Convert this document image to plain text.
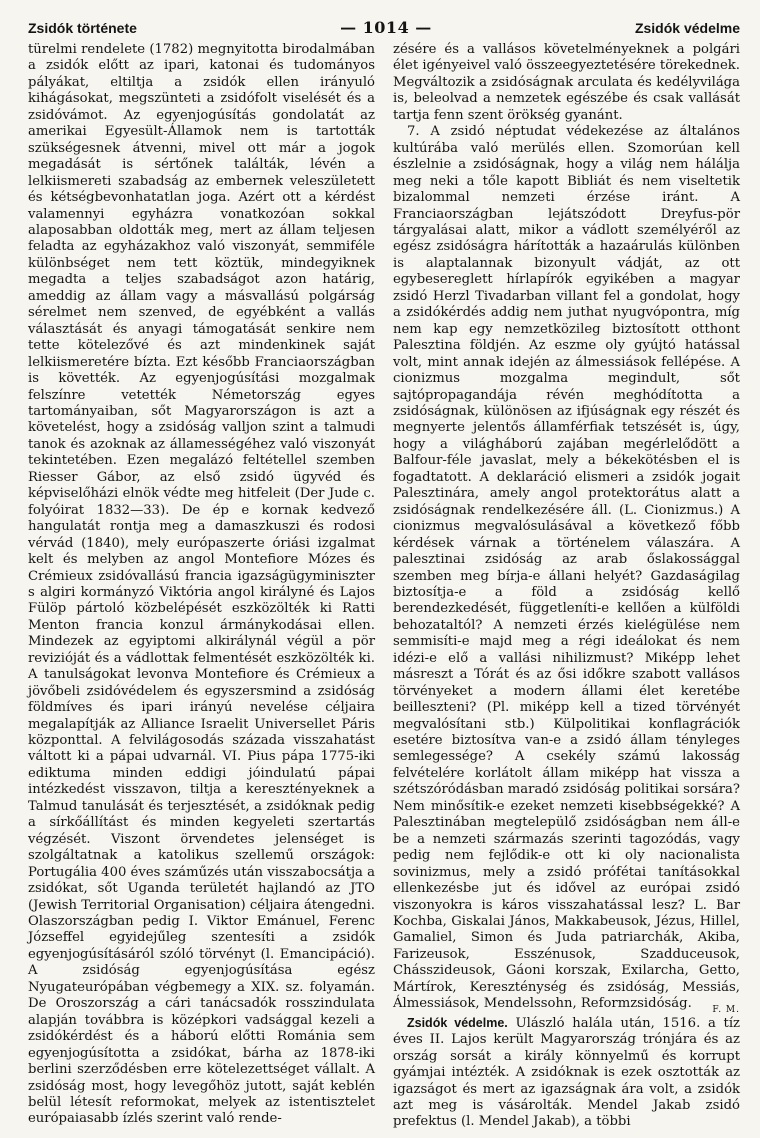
Zsidók története	— 1014 —	Zsidók védelme

türelmi rendelete (1782) megnyitotta birodalmában a zsidók előtt az ipari, katonai és tudományos pályákat, eltiltja a zsidók ellen irányuló kihágásokat, megszünteti a zsidófolt viselését és a zsidóvámot. Az egyenjogúsítás gondolatát az amerikai Egyesült-Államok nem is tartották szükségesnek átvenni, mivel ott már a jogok megadását is sértőnek találták, lévén a lelkiismereti szabadság az embernek veleszületett és kétségbevonhatatlan joga. Azért ott a kérdést valamennyi egyházra vonatkozóan sokkal alaposabban oldották meg, mert az állam teljesen feladta az egyházakhoz való viszonyát, semmiféle különbséget nem tett köztük, mindegyiknek megadta a teljes szabadságot azon határig, ameddig az állam vagy a másvallású polgárság sérelmet nem szenved, de egyébként a vallás választását és anyagi támogatását senkire nem tette kötelezővé és azt mindenkinek saját lelkiismeretére bízta. Ezt később Franciaországban is követték. Az egyenjogúsítási mozgalmak felszínre vetették Németország egyes tartományaiban, sőt Magyarországon is azt a követelést, hogy a zsidóság valljon szint a talmudi tanok és azoknak az államességéhez való viszonyát tekintetében. Ezen megalázó feltétellel szemben Riesser Gábor, az első zsidó ügyvéd és képviselőházi elnök védte meg hitfeleit (Der Jude c. folyóirat 1832—33). De ép e kornak kedvező hangulatát rontja meg a damaszkuszi és rodosi vérvád (1840), mely európaszerte óriási izgalmat kelt és melyben az angol Montefiore Mózes és Crémieux zsidóvallású francia igazságügyminiszter s algiri kormányzó Viktória angol királyné és Lajos Fülöp pártoló közbelépését eszközölték ki Ratti Menton francia konzul ármánykodásai ellen. Mindezek az egyiptomi alkirálynál végül a pör revizióját és a vádlottak felmentését eszközölték ki. A tanulságokat levonva Montefiore és Crémieux a jövőbeli zsidóvédelem és egyszersmind a zsidóság földmíves és ipari irányú nevelése céljaira megalapítják az Alliance Israelit Universellet Páris központtal. A felvilágosodás százada visszahatást váltott ki a pápai udvarnál. VI. Pius pápa 1775-iki ediktuma minden eddigi jóindulatú pápai intézkedést visszavon, tiltja a keresztényeknek a Talmud tanulását és terjesztését, a zsidóknak pedig a sírkőállítást és minden kegyeleti szertartás végzését. Viszont örvendetes jelenséget is szolgáltatnak a katolikus szellemű országok: Portugália 400 éves száműzés után visszabocsátja a zsidókat, sőt Uganda területét hajlandó az JTO (Jewish Territorial Organisation) céljaira átengedni. Olaszországban pedig I. Viktor Emánuel, Ferenc Józseffel egyidejűleg szentesíti a zsidók egyenjogúsításáról szóló törvényt (l. Emancipáció). A zsidóság egyenjogúsítása egész Nyugateurópában végbemegy a XIX. sz. folyamán. De Oroszország a cári tanácsadók rosszindulata alapján továbbra is középkori vadsággal kezeli a zsidókérdést és a háború előtti Románia sem egyenjogúsította a zsidókat, bárha az 1878-iki berlini szerződésben erre kötelezettséget vállalt. A zsidóság most, hogy levegőhöz jutott, saját keblén belül létesít reformokat, melyek az istentisztelet európaiasabb ízlés szerint való rende-

zésére és a vallásos követelményeknek a polgári élet igényeivel való összeegyeztetésére törekednek. Megváltozik a zsidóságnak arculata és kedélyvilága is, beleolvad a nemzetek egészébe és csak vallását tartja fenn szent örökség gyanánt.

7. A zsidó néptudat védekezése az általános kultúrába való merülés ellen. Szomorúan kell észlelnie a zsidóságnak, hogy a világ nem hálálja meg neki a tőle kapott Bibliát és nem viseltetik bizalommal nemzeti érzése iránt. A Franciaországban lejátszódott Dreyfus-pör tárgyalásai alatt, mikor a vádlott személyéről az egész zsidóságra hárították a hazaárulás különben is alaptalannak bizonyult vádját, az ott egybesereglett hírlapírók egyikében a magyar zsidó Herzl Tivadarban villant fel a gondolat, hogy a zsidókérdés addig nem juthat nyugvópontra, míg nem kap egy nemzetközileg biztosított otthont Palesztina földjén. Az eszme oly gyújtó hatással volt, mint annak idején az álmessiások fellépése. A cionizmus mozgalma megindult, sőt sajtópropagandája révén meghódította a zsidóságnak, különösen az ifjúságnak egy részét és megnyerte jelentős államférfiak tetszését is, úgy, hogy a világháború zajában megérlelődött a Balfour-féle javaslat, mely a békekötésben el is fogadtatott. A deklaráció elismeri a zsidók jogait Palesztinára, amely angol protektorátus alatt a zsidóságnak rendelkezésére áll. (L. Cionizmus.) A cionizmus megvalósulásával a következő főbb kérdések várnak a történelem válaszára. A palesztinai zsidóság az arab őslakossággal szemben meg bírja-e állani helyét? Gazdaságilag biztosítja-e a föld a zsidóság kellő berendezkedését, függetleníti-e kellően a külföldi behozataltól? A nemzeti érzés kielégülése nem semmisíti-e majd meg a régi ideálokat és nem idézi-e elő a vallási nihilizmust? Miképp lehet másreszt a Tórát és az ősi időkre szabott vallásos törvényeket a modern állami élet keretébe beilleszteni? (Pl. miképp kell a tized törvényét megvalósítani stb.) Külpolitikai konflagrációk esetére biztosítva van-e a zsidó állam tényleges semlegessége? A csekély számú lakosság felvételére korlátolt állam miképp hat vissza a szétszóródásban maradó zsidóság politikai sorsára? Nem minősítik-e ezeket nemzeti kisebbségekké? A Palesztinában megtelepülő zsidóságban nem áll-e be a nemzeti származás szerinti tagozódás, vagy pedig nem fejlődik-e ott ki oly nacionalista sovinizmus, mely a zsidó prófétai tanításokkal ellenkezésbe jut és idővel az európai zsidó viszonyokra is káros visszahatással lesz? L. Bar Kochba, Giskalai János, Makkabeusok, Jézus, Hillel, Gamaliel, Simon és Juda patriarchák, Akiba, Farizeusok, Esszénusok, Szadduceusok, Chásszideusok, Gáoni korszak, Exilarcha, Getto, Mártírok, Kereszténység és zsidóság, Messiás, Álmessiások, Mendelssohn, Reformzsidóság.	F. M.

Zsidók védelme. Ulászló halála után, 1516. a tíz éves II. Lajos került Magyarország trónjára és az ország sorsát a király könnyelmű és korrupt gyámjai intézték. A zsidóknak is ezek osztották az igazságot és mert az igazságnak ára volt, a zsidók azt meg is vásárolták. Mendel Jakab zsidó prefektus (l. Mendel Jakab), a többi
